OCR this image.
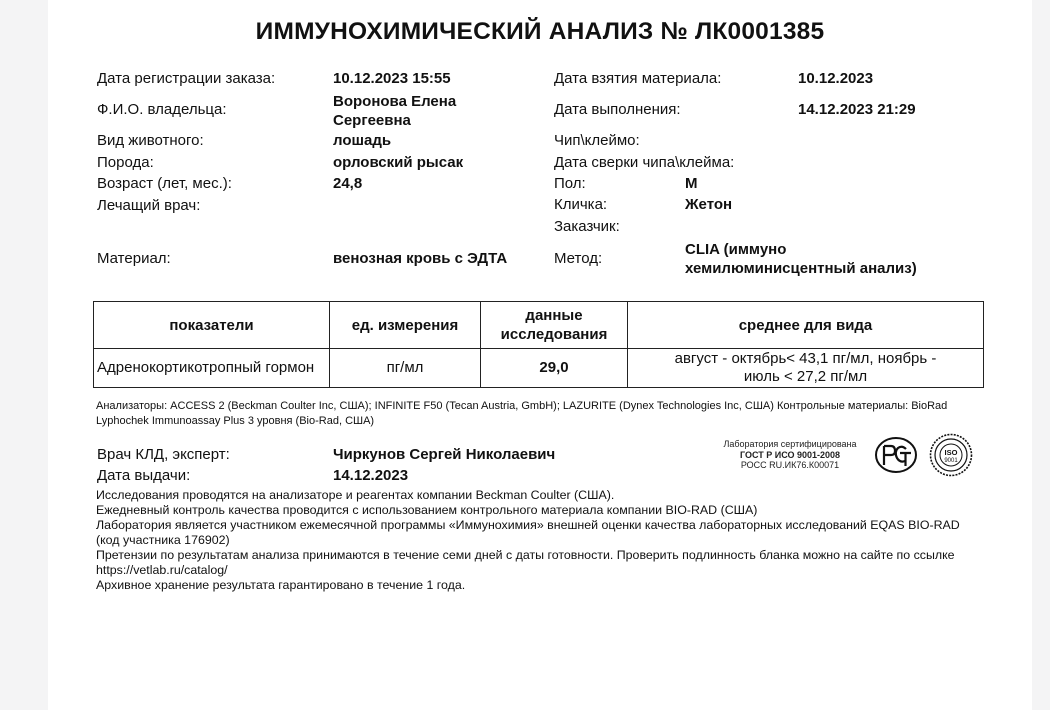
ИММУНОХИМИЧЕСКИЙ АНАЛИЗ № ЛК0001385
Дата регистрации заказа:	10.12.2023 15:55
Ф.И.О. владельца:	Воронова Елена Сергеевна
Вид животного:	лошадь
Порода:	орловский рысак
Возраст (лет, мес.):	24,8
Лечащий врач:
Материал:	венозная кровь с ЭДТА
Дата взятия материала:	10.12.2023
Дата выполнения:	14.12.2023 21:29
Чип\клеймо:
Дата сверки чипа\клейма:
Пол:	М
Кличка:	Жетон
Заказчик:
Метод:
CLIA (иммуно хемилюминисцентный анализ)
показатели	ед. измерения	данные исследования	среднее для вида
Адренокортикотропный гормон	пг/мл	29,0	август - октябрь< 43,1 пг/мл, ноябрь - июль < 27,2 пг/мл
Анализаторы: ACCESS 2 (Beckman Coulter Inc, США); INFINITE F50 (Tecan Austria, GmbH); LAZURITE (Dynex Technologies Inc, США) Контрольные материалы: BioRad Lyphochek Immunoassay Plus 3 уровня (Bio-Rad, США)
Врач КЛД, эксперт:	Чиркунов Сергей Николаевич
Дата выдачи:	14.12.2023
Лаборатория сертифицирована
ГОСТ Р ИСО 9001-2008
РОСС RU.ИК76.К00071
ISO
9001
Исследования проводятся на анализаторе и реагентах компании Beckman Coulter (США).
Ежедневный контроль качества проводится с использованием контрольного материала компании BIO-RAD (США)
Лаборатория является участником ежемесячной программы «Иммунохимия» внешней оценки качества лабораторных исследований EQAS BIO-RAD (код участника 176902)
Претензии по результатам анализа принимаются в течение семи дней с даты готовности. Проверить подлинность бланка можно на сайте по ссылке https://vetlab.ru/catalog/
Архивное хранение результата гарантировано в течение 1 года.
